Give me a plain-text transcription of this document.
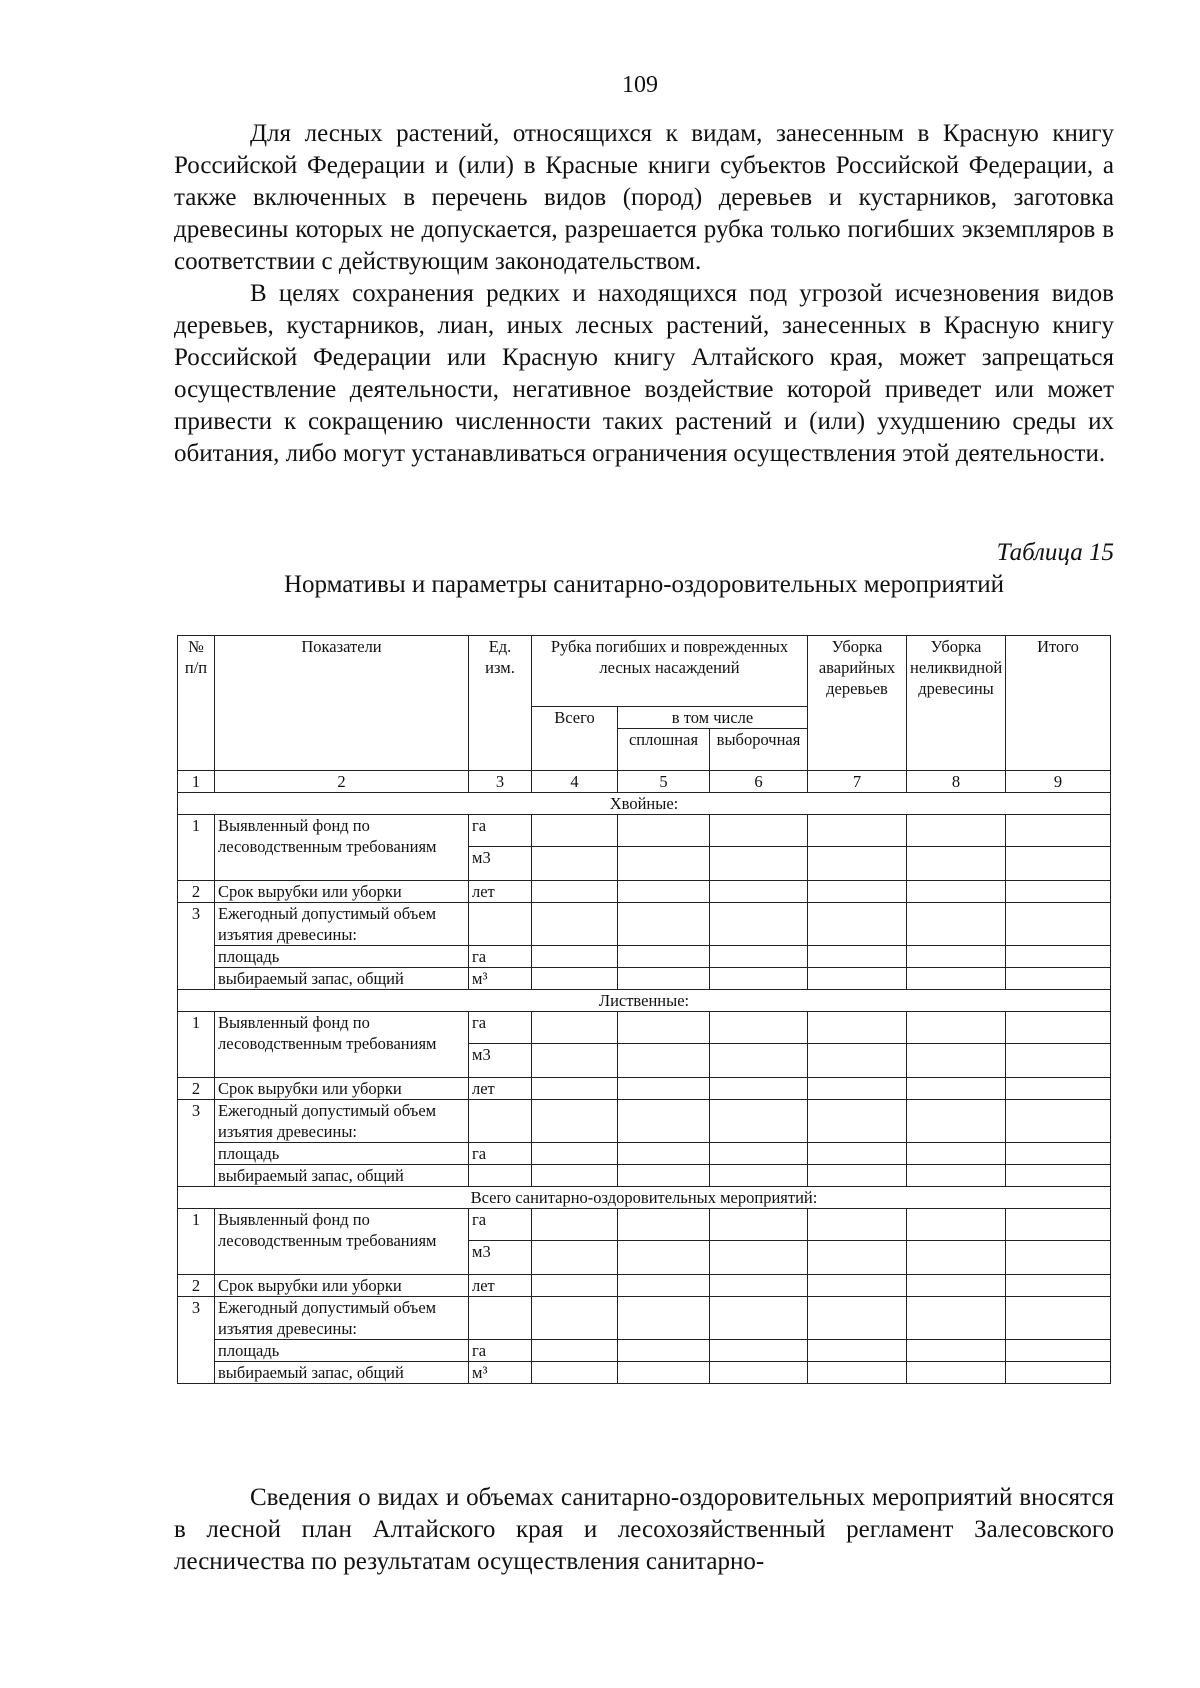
109

Для лесных растений, относящихся к видам, занесенным в Красную книгу Российской Федерации и (или) в Красные книги субъектов Российской Федерации, а также включенных в перечень видов (пород) деревьев и кустарников, заготовка древесины которых не допускается, разрешается рубка только погибших экземпляров в соответствии с действующим законодательством.

В целях сохранения редких и находящихся под угрозой исчезновения видов деревьев, кустарников, лиан, иных лесных растений, занесенных в Красную книгу Российской Федерации или Красную книгу Алтайского края, может запрещаться осуществление деятельности, негативное воздействие которой приведет или может привести к сокращению численности таких растений и (или) ухудшению среды их обитания, либо могут устанавливаться ограничения осуществления этой деятельности.

Таблица 15
Нормативы и параметры санитарно-оздоровительных мероприятий
№ п/п	Показатели	Ед. изм.	Рубка погибших и поврежденных лесных насаждений			Уборка аварийных деревьев	Уборка неликвидной древесины	Итого
			Всего	в том числе				
				сплошная	выборочная			

1	2	3	4	5	6	7	8	9
Хвойные:								
1	Выявленный фонд по лесоводственным требованиям	га						
		м3						
2	Срок вырубки или уборки	лет						
3	Ежегодный допустимый объем изъятия древесины:							
	площадь	га						
	выбираемый запас, общий	м³						
Лиственные:								
1	Выявленный фонд по лесоводственным требованиям	га						
		м3						
2	Срок вырубки или уборки	лет						
3	Ежегодный допустимый объем изъятия древесины:							
	площадь	га						
	выбираемый запас, общий							
Всего санитарно-оздоровительных мероприятий:								
1	Выявленный фонд по лесоводственным требованиям	га						
		м3						
2	Срок вырубки или уборки	лет						
3	Ежегодный допустимый объем изъятия древесины:							
	площадь	га						
	выбираемый запас, общий	м³						

Сведения о видах и объемах санитарно-оздоровительных мероприятий вносятся в лесной план Алтайского края и лесохозяйственный регламент Залесовского лесничества по результатам осуществления санитарно-
